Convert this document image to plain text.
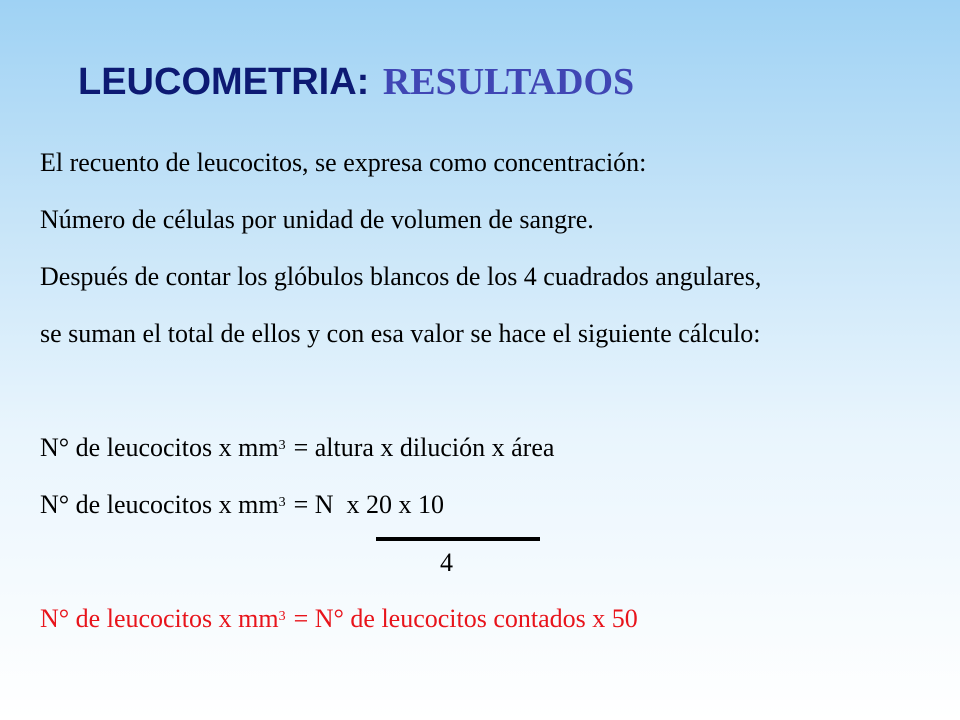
LEUCOMETRIA: RESULTADOS
El recuento de leucocitos, se expresa como concentración:
Número de células por unidad de volumen de sangre.
Después de contar los glóbulos blancos de los 4 cuadrados angulares,
se suman el total de ellos y con esa valor se hace el siguiente cálculo:
N° de leucocitos x $mm^3$ = altura x dilución x área
N° de leucocitos x $mm^3 = N$  x 20 x 10
4
N° de leucocitos x $mm^3 = N^\circ$ de leucocitos contados x 50
